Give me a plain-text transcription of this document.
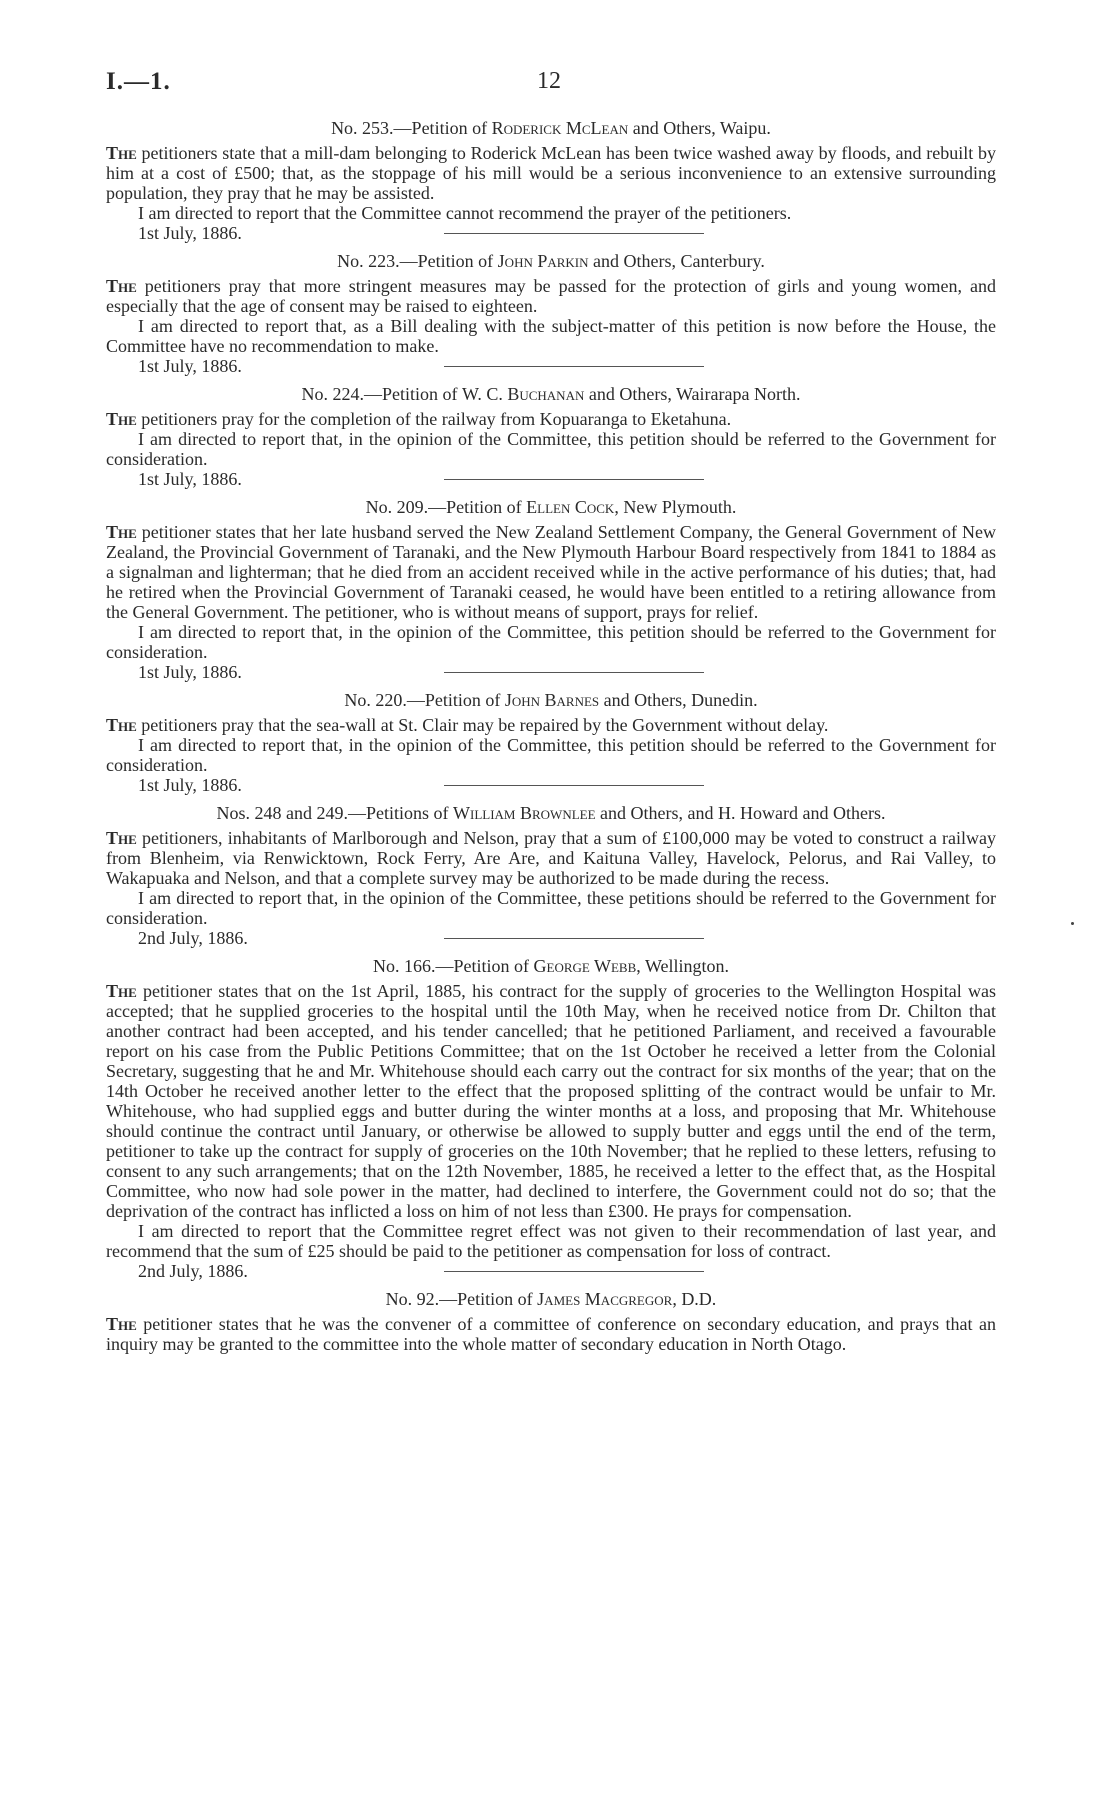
I.—1.	12
No. 253.—Petition of Roderick McLean and Others, Waipu.

The petitioners state that a mill-dam belonging to Roderick McLean has been twice washed away by floods, and rebuilt by him at a cost of £500; that, as the stoppage of his mill would be a serious inconvenience to an extensive surrounding population, they pray that he may be assisted.

I am directed to report that the Committee cannot recommend the prayer of the petitioners.

1st July, 1886.
No. 223.—Petition of John Parkin and Others, Canterbury.

The petitioners pray that more stringent measures may be passed for the protection of girls and young women, and especially that the age of consent may be raised to eighteen.

I am directed to report that, as a Bill dealing with the subject-matter of this petition is now before the House, the Committee have no recommendation to make.

1st July, 1886.
No. 224.—Petition of W. C. Buchanan and Others, Wairarapa North.

The petitioners pray for the completion of the railway from Kopuaranga to Eketahuna.

I am directed to report that, in the opinion of the Committee, this petition should be referred to the Government for consideration.

1st July, 1886.
No. 209.—Petition of Ellen Cock, New Plymouth.

The petitioner states that her late husband served the New Zealand Settlement Company, the General Government of New Zealand, the Provincial Government of Taranaki, and the New Plymouth Harbour Board respectively from 1841 to 1884 as a signalman and lighterman; that he died from an accident received while in the active performance of his duties; that, had he retired when the Provincial Government of Taranaki ceased, he would have been entitled to a retiring allowance from the General Government. The petitioner, who is without means of support, prays for relief.

I am directed to report that, in the opinion of the Committee, this petition should be referred to the Government for consideration.

1st July, 1886.
No. 220.—Petition of John Barnes and Others, Dunedin.

The petitioners pray that the sea-wall at St. Clair may be repaired by the Government without delay.

I am directed to report that, in the opinion of the Committee, this petition should be referred to the Government for consideration.

1st July, 1886.
Nos. 248 and 249.—Petitions of William Brownlee and Others, and H. Howard and Others.

The petitioners, inhabitants of Marlborough and Nelson, pray that a sum of £100,000 may be voted to construct a railway from Blenheim, via Renwicktown, Rock Ferry, Are Are, and Kaituna Valley, Havelock, Pelorus, and Rai Valley, to Wakapuaka and Nelson, and that a complete survey may be authorized to be made during the recess.

I am directed to report that, in the opinion of the Committee, these petitions should be referred to the Government for consideration.

2nd July, 1886.
No. 166.—Petition of George Webb, Wellington.

The petitioner states that on the 1st April, 1885, his contract for the supply of groceries to the Wellington Hospital was accepted; that he supplied groceries to the hospital until the 10th May, when he received notice from Dr. Chilton that another contract had been accepted, and his tender cancelled; that he petitioned Parliament, and received a favourable report on his case from the Public Petitions Committee; that on the 1st October he received a letter from the Colonial Secretary, suggesting that he and Mr. Whitehouse should each carry out the contract for six months of the year; that on the 14th October he received another letter to the effect that the proposed splitting of the contract would be unfair to Mr. Whitehouse, who had supplied eggs and butter during the winter months at a loss, and proposing that Mr. Whitehouse should continue the contract until January, or otherwise be allowed to supply butter and eggs until the end of the term, petitioner to take up the contract for supply of groceries on the 10th November; that he replied to these letters, refusing to consent to any such arrangements; that on the 12th November, 1885, he received a letter to the effect that, as the Hospital Committee, who now had sole power in the matter, had declined to interfere, the Government could not do so; that the deprivation of the contract has inflicted a loss on him of not less than £300. He prays for compensation.

I am directed to report that the Committee regret effect was not given to their recommendation of last year, and recommend that the sum of £25 should be paid to the petitioner as compensation for loss of contract.

2nd July, 1886.
No. 92.—Petition of James Macgregor, D.D.

The petitioner states that he was the convener of a committee of conference on secondary education, and prays that an inquiry may be granted to the committee into the whole matter of secondary education in North Otago.
